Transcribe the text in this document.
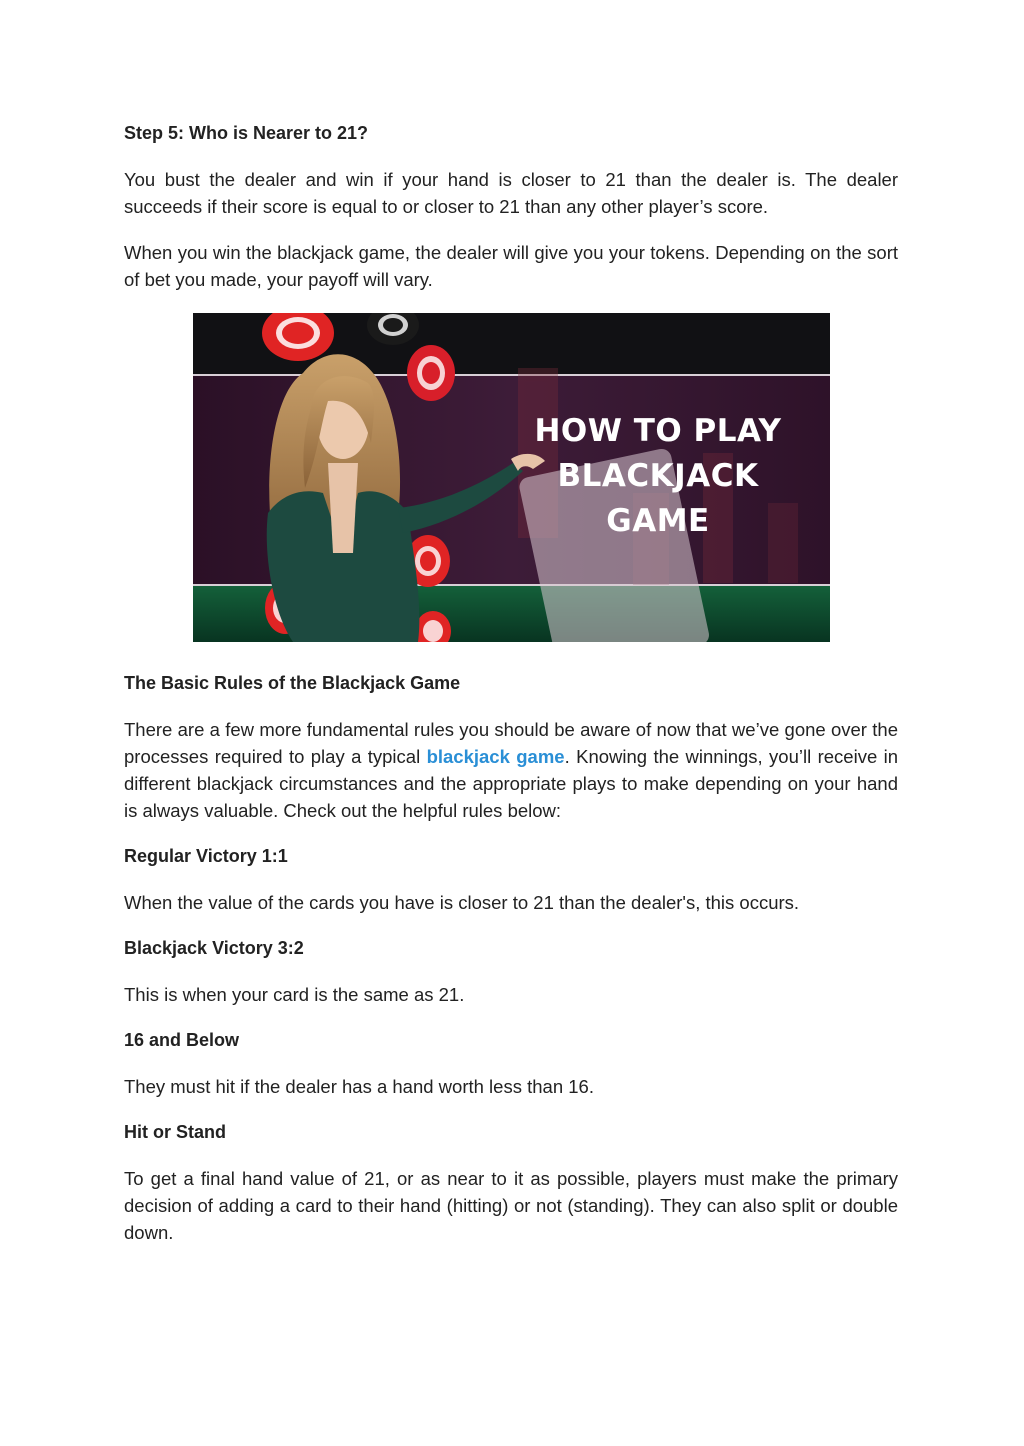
Step 5: Who is Nearer to 21?

You bust the dealer and win if your hand is closer to 21 than the dealer is. The dealer succeeds if their score is equal to or closer to 21 than any other player’s score.

When you win the blackjack game, the dealer will give you your tokens. Depending on the sort of bet you made, your payoff will vary.

HOW TO PLAY
BLACKJACK
GAME
The Basic Rules of the Blackjack Game

There are a few more fundamental rules you should be aware of now that we’ve gone over the processes required to play a typical blackjack game. Knowing the winnings, you’ll receive in different blackjack circumstances and the appropriate plays to make depending on your hand is always valuable. Check out the helpful rules below:

Regular Victory 1:1

When the value of the cards you have is closer to 21 than the dealer's, this occurs.

Blackjack Victory 3:2

This is when your card is the same as 21.

16 and Below

They must hit if the dealer has a hand worth less than 16.

Hit or Stand

To get a final hand value of 21, or as near to it as possible, players must make the primary decision of adding a card to their hand (hitting) or not (standing). They can also split or double down.
